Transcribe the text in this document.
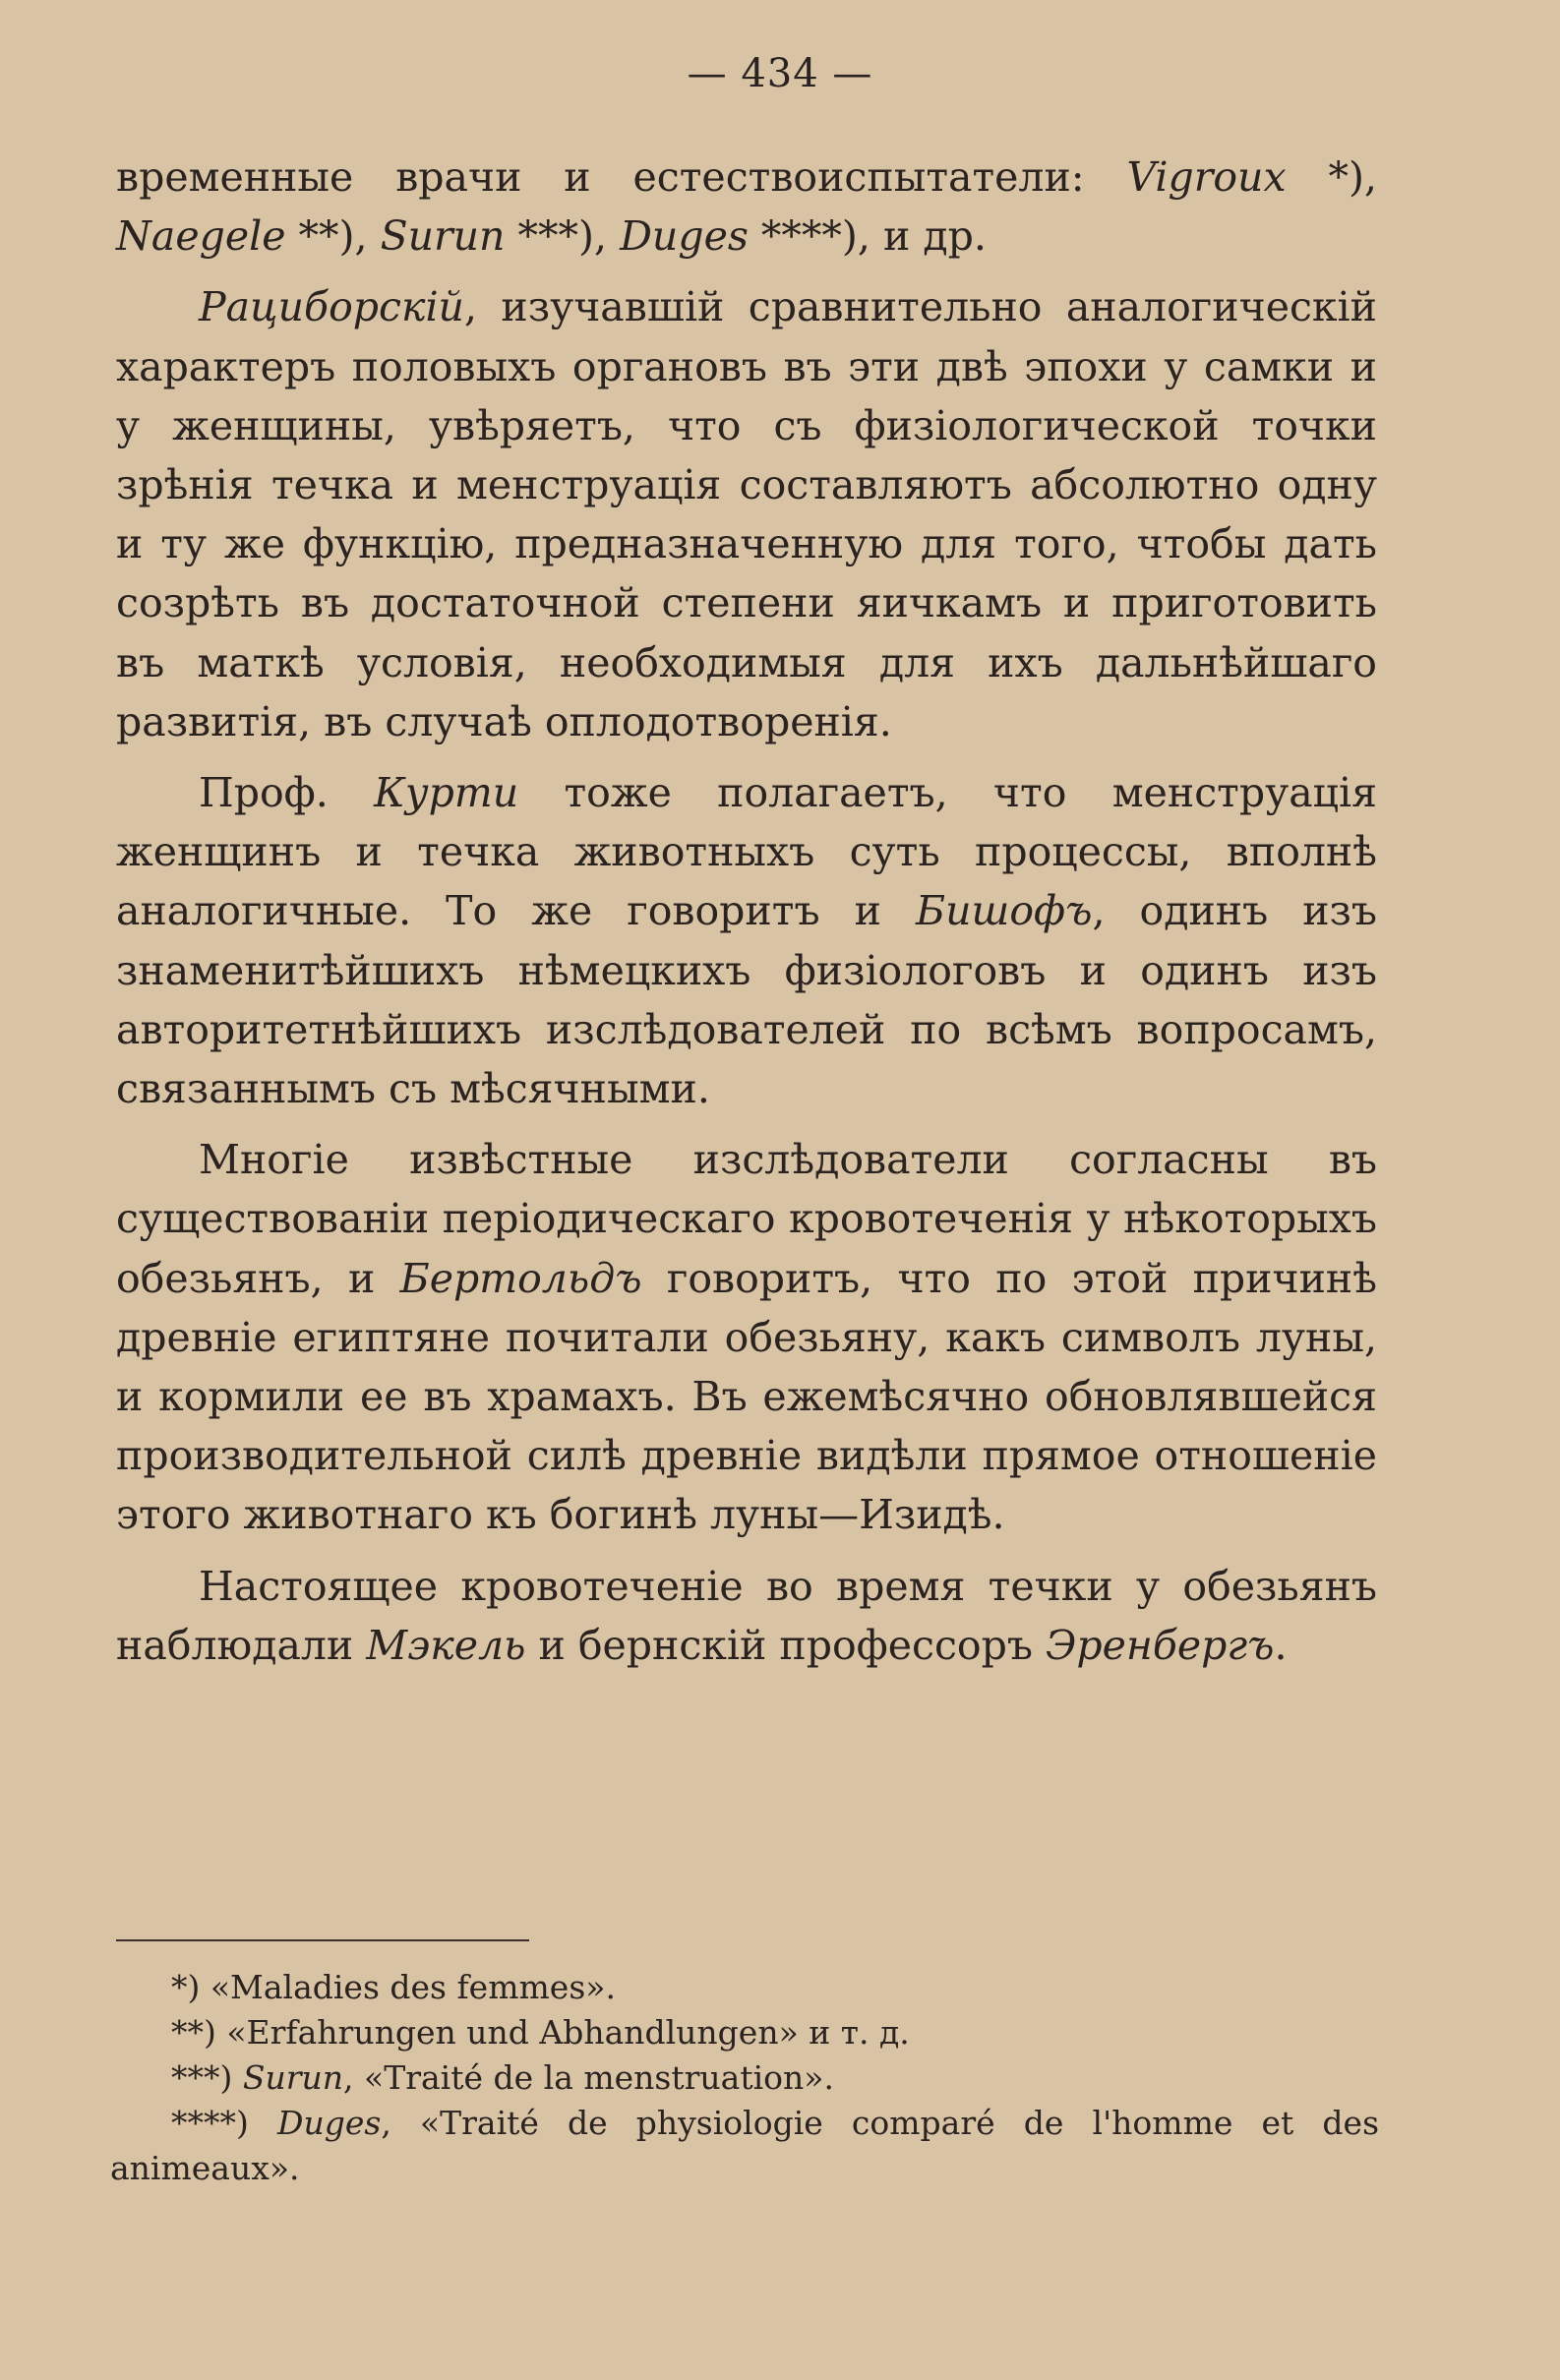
— 434 —

временные врачи и естествоиспытатели: Vigroux *), Naegele **), Surun ***), Duges ****), и др.

Рациборскій, изучавшій сравнительно аналогическій характеръ половыхъ органовъ въ эти двѣ эпохи у самки и у женщины, увѣряетъ, что съ физіологической точки зрѣнія течка и менструація составляютъ абсолютно одну и ту же функцію, предназначенную для того, чтобы дать созрѣть въ достаточной степени яичкамъ и приготовить въ маткѣ условія, необходимыя для ихъ дальнѣйшаго развитія, въ случаѣ оплодотворенія.

Проф. Курти тоже полагаетъ, что менструація женщинъ и течка животныхъ суть процессы, вполнѣ аналогичные. То же говоритъ и Бишофъ, одинъ изъ знаменитѣйшихъ нѣмецкихъ физіологовъ и одинъ изъ авторитетнѣйшихъ изслѣдователей по всѣмъ вопросамъ, связаннымъ съ мѣсячными.

Многіе извѣстные изслѣдователи согласны въ существованіи періодическаго кровотеченія у нѣкоторыхъ обезьянъ, и Бертольдъ говоритъ, что по этой причинѣ древніе египтяне почитали обезьяну, какъ символъ луны, и кормили ее въ храмахъ. Въ ежемѣсячно обновлявшейся производительной силѣ древніе видѣли прямое отношеніе этого животнаго къ богинѣ луны—Изидѣ.

Настоящее кровотеченіе во время течки у обезьянъ наблюдали Мэкель и бернскій профессоръ Эренбергъ.

*) «Maladies des femmes».

**) «Erfahrungen und Abhandlungen» и т. д.

***) Surun, «Traité de la menstruation».

****) Duges, «Traité de physiologie comparé de l'homme et des animeaux».
